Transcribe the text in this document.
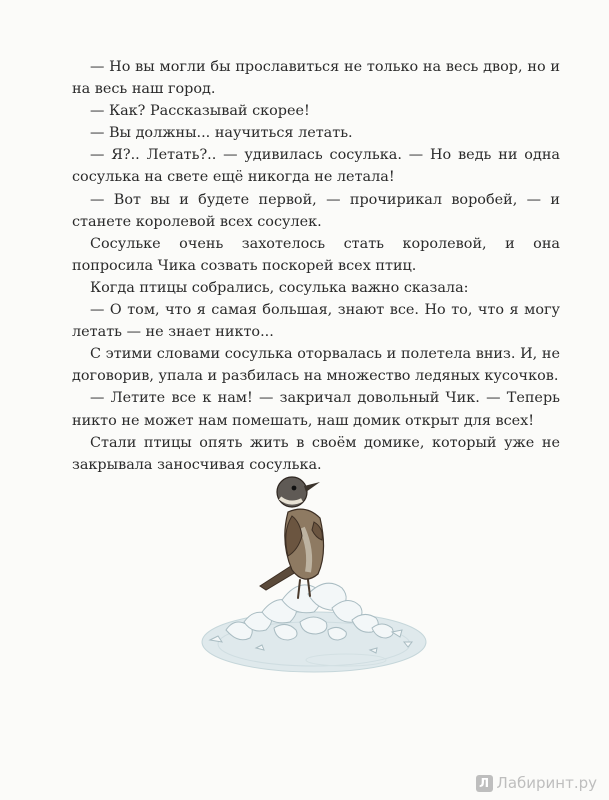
— Но вы могли бы прославиться не только на весь двор, но и на весь наш город.

— Как? Рассказывай скорее!

— Вы должны... научиться летать.

— Я?.. Летать?.. — удивилась сосулька. — Но ведь ни одна сосулька на свете ещё никогда не летала!

— Вот вы и будете первой, — прочирикал воробей, — и станете королевой всех сосулек.

Сосульке очень захотелось стать королевой, и она попросила Чика созвать поскорей всех птиц.

Когда птицы собрались, сосулька важно сказала:

— О том, что я самая большая, знают все. Но то, что я могу летать — не знает никто...

С этими словами сосулька оторвалась и полетела вниз. И, не договорив, упала и разбилась на множество ледяных кусочков.

— Летите все к нам! — закричал довольный Чик. — Теперь никто не может нам помешать, наш домик открыт для всех!

Стали птицы опять жить в своём домике, который уже не закрывала заносчивая сосулька.

Л Лабиринт.ру
